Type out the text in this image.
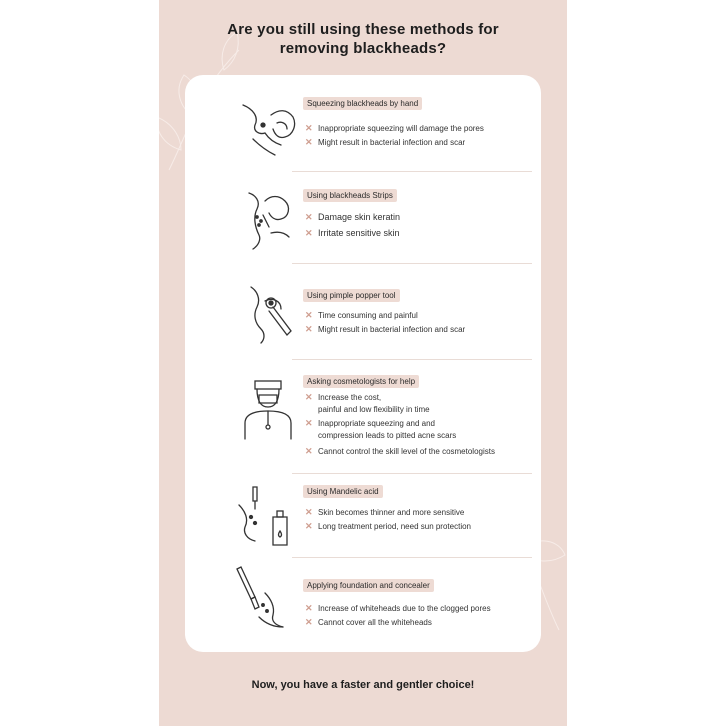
Are you still using these methods for
removing blackheads?
Squeezing blackheads by hand
✕ Inappropriate squeezing will damage the pores
✕ Might result in bacterial infection and scar
Using blackheads Strips
✕ Damage skin keratin
✕ Irritate sensitive skin
Using pimple popper tool
✕ Time consuming and painful
✕ Might result in bacterial infection and scar
Asking cosmetologists for help
✕ Increase the cost,
painful and low flexibility in time
✕ Inappropriate squeezing and and
compression leads to pitted acne scars
✕ Cannot control the skill level of the cosmetologists
Using Mandelic acid
✕ Skin becomes thinner and more sensitive
✕ Long treatment period, need sun protection
Applying foundation and concealer
✕ Increase of whiteheads due to the clogged pores
✕ Cannot cover all the whiteheads
Now, you have a faster and gentler choice!
